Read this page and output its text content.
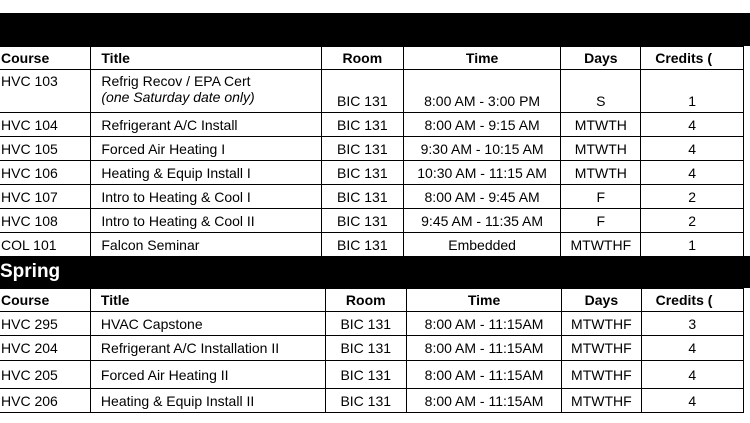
Course	Title	Room	Time	Days	Credits (
HVC 103	Refrig Recov / EPA Cert
(one Saturday date only)	BIC 131	8:00 AM - 3:00 PM	S	1
HVC 104	Refrigerant A/C Install	BIC 131	8:00 AM - 9:15 AM	MTWTH	4
HVC 105	Forced Air Heating I	BIC 131	9:30 AM - 10:15 AM	MTWTH	4
HVC 106	Heating & Equip Install I	BIC 131	10:30 AM - 11:15 AM	MTWTH	4
HVC 107	Intro to Heating & Cool I	BIC 131	8:00 AM - 9:45 AM	F	2
HVC 108	Intro to Heating & Cool II	BIC 131	9:45 AM - 11:35 AM	F	2
COL 101	Falcon Seminar	BIC 131	Embedded	MTWTHF	1
Spring
Course	Title	Room	Time	Days	Credits (
HVC 295	HVAC Capstone	BIC 131	8:00 AM - 11:15AM	MTWTHF	3
HVC 204	Refrigerant A/C Installation II	BIC 131	8:00 AM - 11:15AM	MTWTHF	4
HVC 205	Forced Air Heating II	BIC 131	8:00 AM - 11:15AM	MTWTHF	4
HVC 206	Heating & Equip Install II	BIC 131	8:00 AM - 11:15AM	MTWTHF	4
